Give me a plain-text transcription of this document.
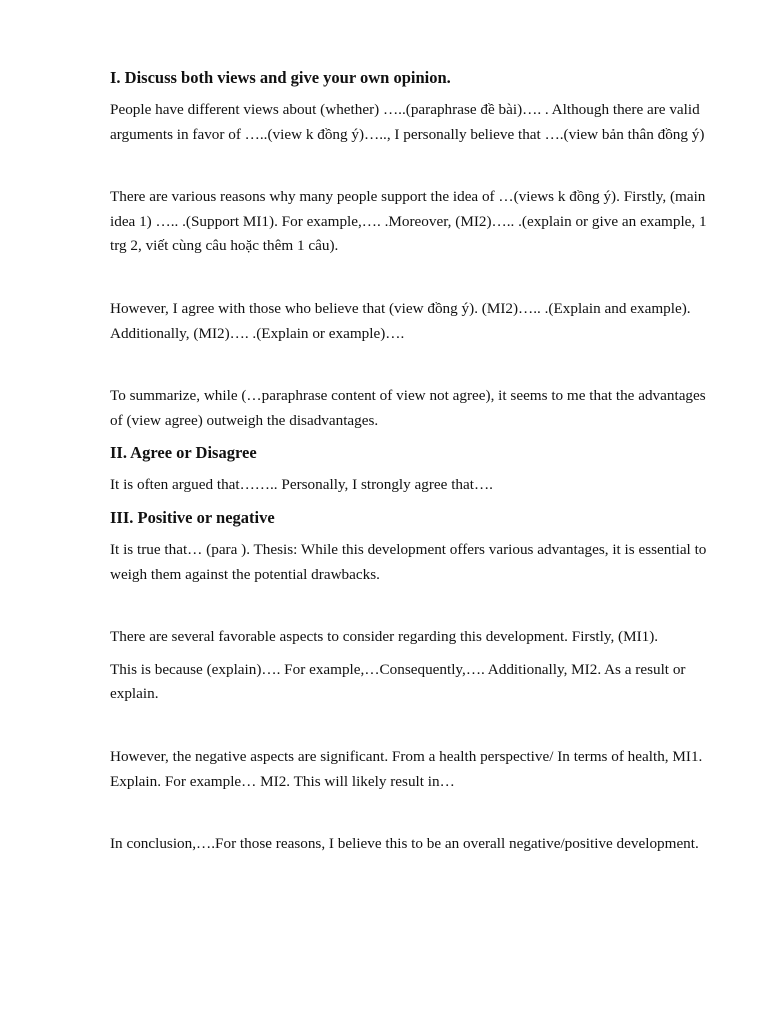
I. Discuss both views and give your own opinion.

People have different views about (whether) …..(paraphrase đề bài)…. . Although there are valid arguments in favor of …..(view k đồng ý)….., I personally believe that ….(view bản thân đồng ý)

There are various reasons why many people support the idea of …(views k đồng ý). Firstly, (main idea 1) ….. .(Support MI1). For example,…. .Moreover, (MI2)….. .(explain or give an example, 1 trg 2, viết cùng câu hoặc thêm 1 câu).

However, I agree with those who believe that (view đồng ý). (MI2)….. .(Explain and example). Additionally, (MI2)…. .(Explain or example)….

To summarize, while (…paraphrase content of view not agree), it seems to me that the advantages of (view agree) outweigh the disadvantages.

II. Agree or Disagree

It is often argued that…….. Personally, I strongly agree that….

III. Positive or negative

It is true that… (para ). Thesis: While this development offers various advantages, it is essential to weigh them against the potential drawbacks.

There are several favorable aspects to consider regarding this development. Firstly, (MI1).

This is because (explain)…. For example,…Consequently,…. Additionally, MI2. As a result or explain.

However, the negative aspects are significant. From a health perspective/ In terms of health, MI1. Explain. For example… MI2. This will likely result in…

In conclusion,….For those reasons, I believe this to be an overall negative/positive development.
